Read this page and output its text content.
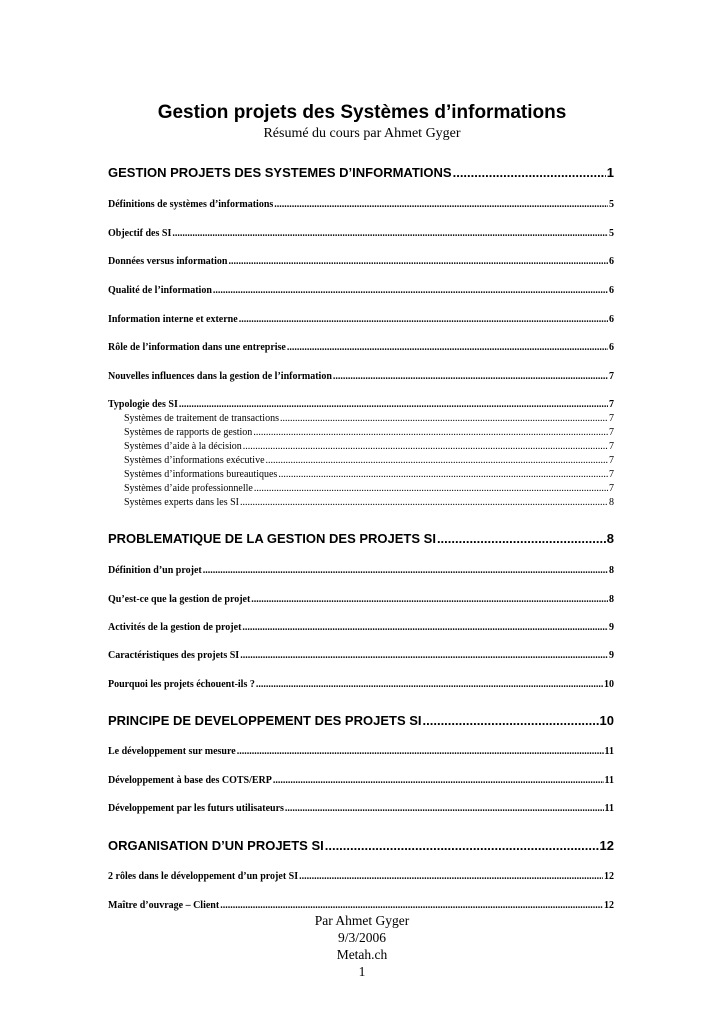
Gestion projets des Systèmes d’informations
Résumé du cours par Ahmet Gyger
GESTION PROJETS DES SYSTEMES D’INFORMATIONS .....	1
Définitions de systèmes d’informations .....	5
Objectif des SI .....	5
Données versus information .....	6
Qualité de l’information .....	6
Information interne et externe .....	6
Rôle de l’information dans une entreprise .....	6
Nouvelles influences dans la gestion de l’information .....	7
Typologie des SI .....	7
Systèmes de traitement de transactions .....	7
Systèmes de rapports de gestion .....	7
Systèmes d’aide à la décision .....	7
Systèmes d’informations exécutive .....	7
Systèmes d’informations bureautiques .....	7
Systèmes d’aide professionnelle .....	7
Systèmes experts dans les SI .....	8
PROBLEMATIQUE DE LA GESTION DES PROJETS SI .....	8
Définition d’un projet .....	8
Qu’est-ce que la gestion de projet .....	8
Activités de la gestion de projet .....	9
Caractéristiques des projets SI .....	9
Pourquoi les projets échouent-ils ? .....	10
PRINCIPE DE DEVELOPPEMENT DES PROJETS SI .....	10
Le développement sur mesure .....	11
Développement à base des COTS/ERP .....	11
Développement par les futurs utilisateurs .....	11
ORGANISATION D’UN PROJETS SI .....	12
2 rôles dans le développement d’un projet SI .....	12
Maître d’ouvrage – Client .....	12
Par Ahmet Gyger
9/3/2006
Metah.ch
1
